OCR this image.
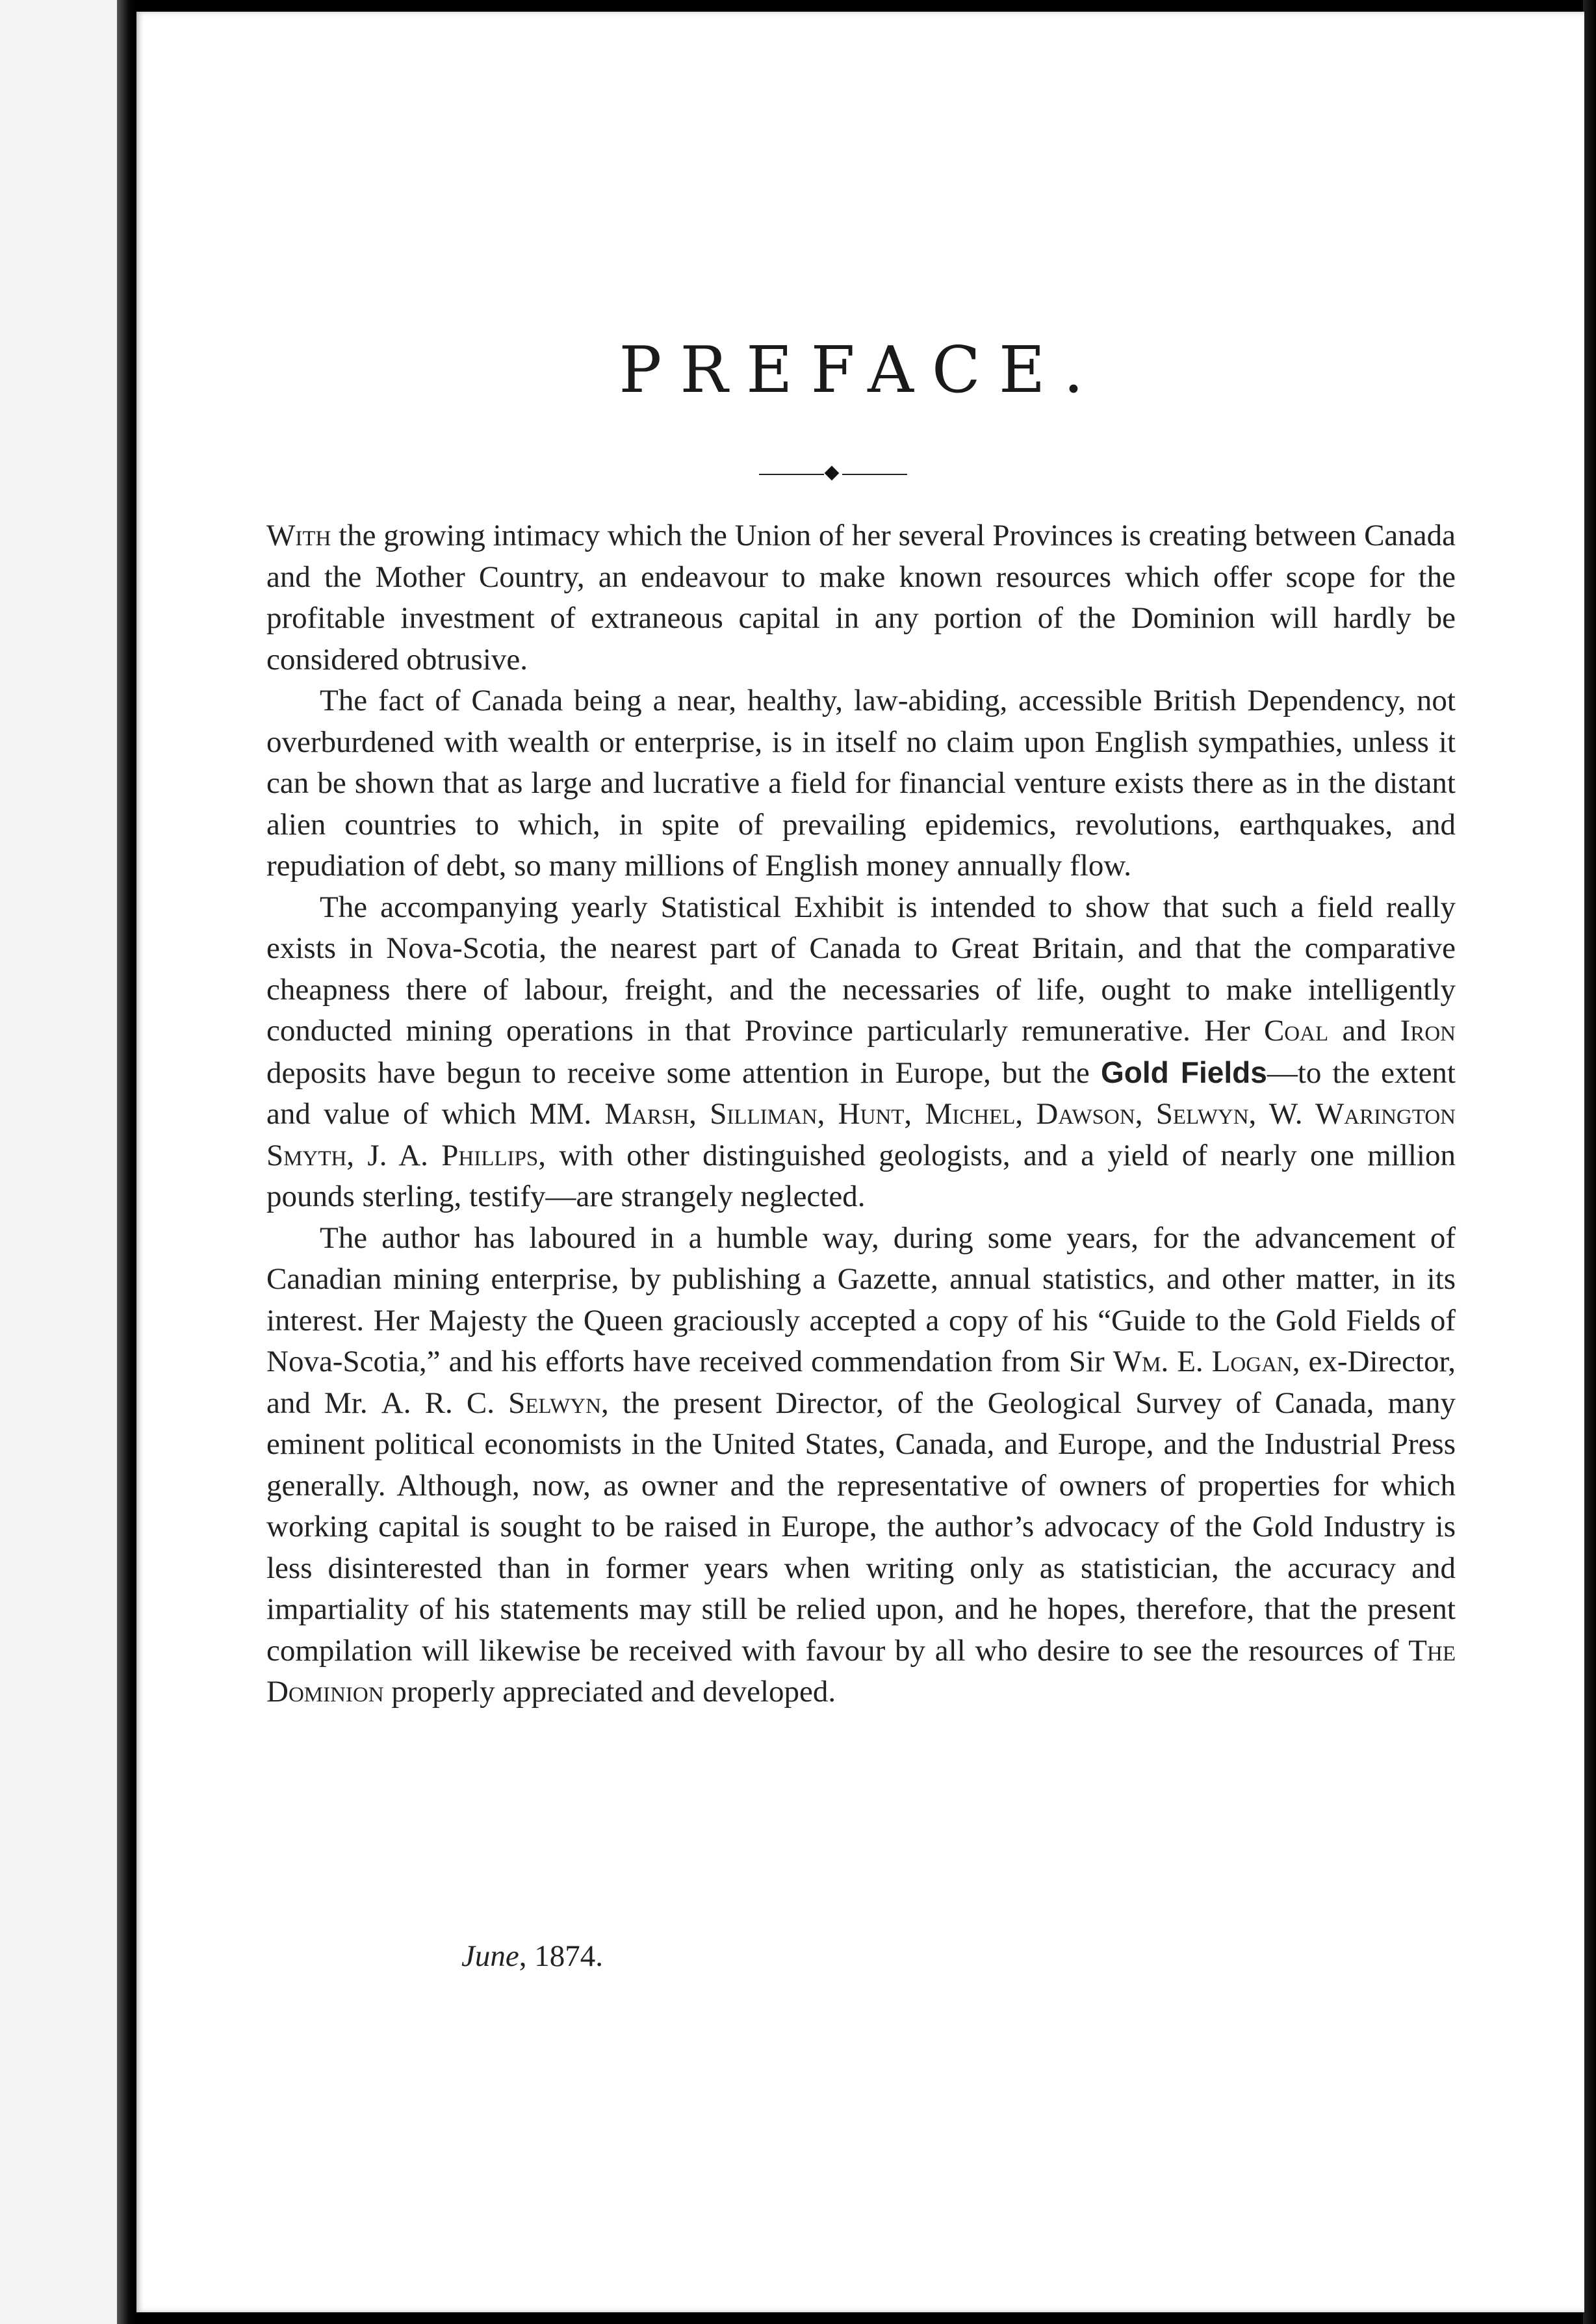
PREFACE.

With the growing intimacy which the Union of her several Provinces is creating between Canada and the Mother Country, an endeavour to make known resources which offer scope for the profitable investment of extraneous capital in any portion of the Dominion will hardly be considered obtrusive.

The fact of Canada being a near, healthy, law-abiding, accessible British Dependency, not overburdened with wealth or enterprise, is in itself no claim upon English sympathies, unless it can be shown that as large and lucrative a field for financial venture exists there as in the distant alien countries to which, in spite of prevailing epidemics, revolutions, earthquakes, and repudiation of debt, so many millions of English money annually flow.

The accompanying yearly Statistical Exhibit is intended to show that such a field really exists in Nova-Scotia, the nearest part of Canada to Great Britain, and that the comparative cheapness there of labour, freight, and the necessaries of life, ought to make intelligently conducted mining operations in that Province particularly remunerative. Her Coal and Iron deposits have begun to receive some attention in Europe, but the Gold Fields—to the extent and value of which MM. Marsh, Silliman, Hunt, Michel, Dawson, Selwyn, W. Warington Smyth, J. A. Phillips, with other distinguished geologists, and a yield of nearly one million pounds sterling, testify—are strangely neglected.

The author has laboured in a humble way, during some years, for the advancement of Canadian mining enterprise, by publishing a Gazette, annual statistics, and other matter, in its interest. Her Majesty the Queen graciously accepted a copy of his “Guide to the Gold Fields of Nova-Scotia,” and his efforts have received commendation from Sir Wm. E. Logan, ex-Director, and Mr. A. R. C. Selwyn, the present Director, of the Geological Survey of Canada, many eminent political economists in the United States, Canada, and Europe, and the Industrial Press generally. Although, now, as owner and the representative of owners of properties for which working capital is sought to be raised in Europe, the author’s advocacy of the Gold Industry is less disinterested than in former years when writing only as statistician, the accuracy and impartiality of his statements may still be relied upon, and he hopes, therefore, that the present compilation will likewise be received with favour by all who desire to see the resources of The Dominion properly appreciated and developed.

June, 1874.
